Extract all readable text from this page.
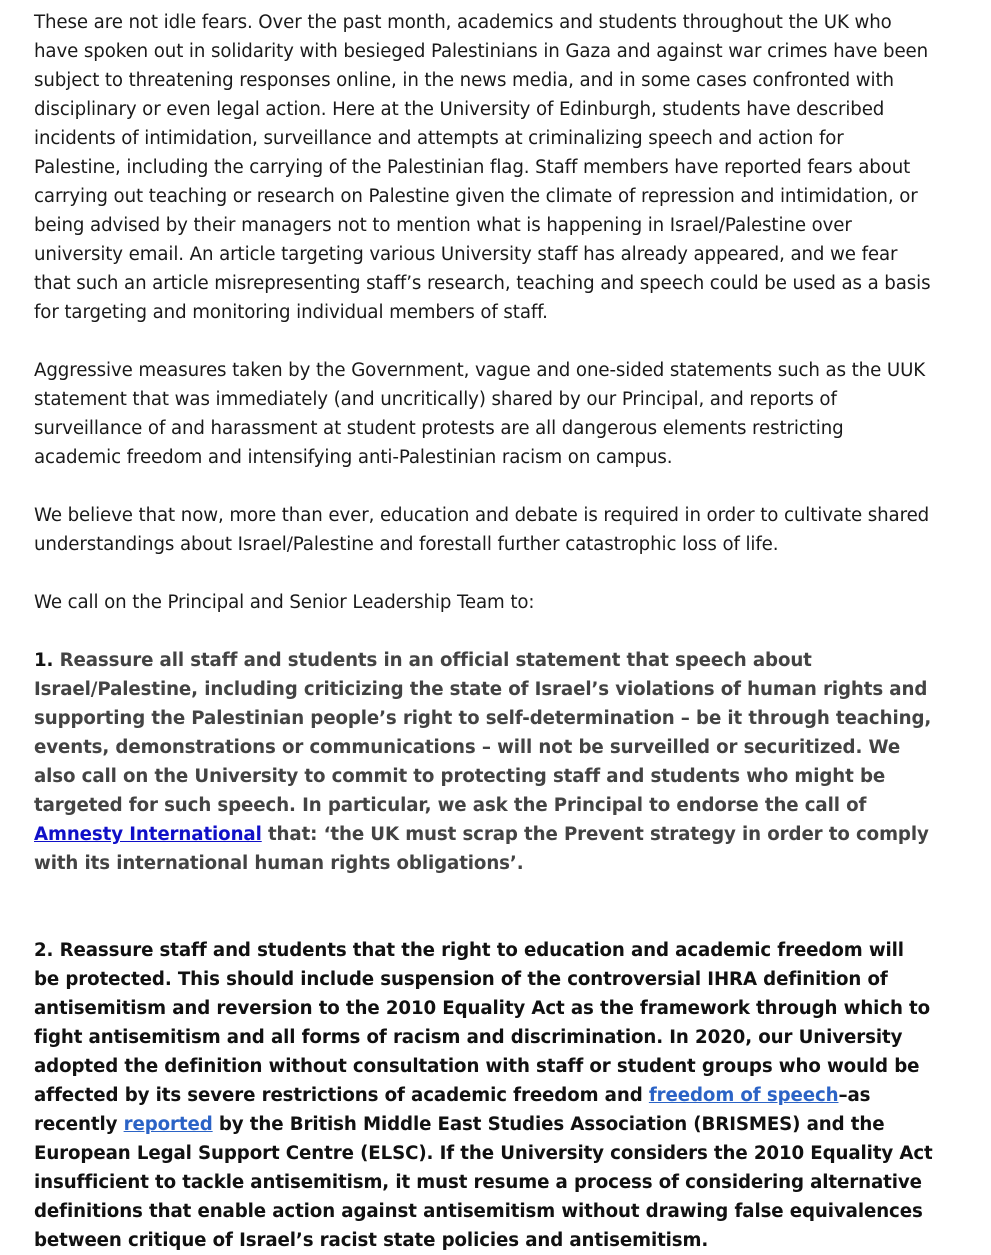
These are not idle fears. Over the past month, academics and students throughout the UK who have spoken out in solidarity with besieged Palestinians in Gaza and against war crimes have been subject to threatening responses online, in the news media, and in some cases confronted with disciplinary or even legal action. Here at the University of Edinburgh, students have described incidents of intimidation, surveillance and attempts at criminalizing speech and action for Palestine, including the carrying of the Palestinian flag. Staff members have reported fears about carrying out teaching or research on Palestine given the climate of repression and intimidation, or being advised by their managers not to mention what is happening in Israel/Palestine over university email. An article targeting various University staff has already appeared, and we fear that such an article misrepresenting staff’s research, teaching and speech could be used as a basis for targeting and monitoring individual members of staff.

Aggressive measures taken by the Government, vague and one-sided statements such as the UUK statement that was immediately (and uncritically) shared by our Principal, and reports of surveillance of and harassment at student protests are all dangerous elements restricting academic freedom and intensifying anti-Palestinian racism on campus.

We believe that now, more than ever, education and debate is required in order to cultivate shared understandings about Israel/Palestine and forestall further catastrophic loss of life.

We call on the Principal and Senior Leadership Team to:

1. Reassure all staff and students in an official statement that speech about Israel/Palestine, including criticizing the state of Israel’s violations of human rights and supporting the Palestinian people’s right to self-determination – be it through teaching, events, demonstrations or communications – will not be surveilled or securitized. We also call on the University to commit to protecting staff and students who might be targeted for such speech. In particular, we ask the Principal to endorse the call of Amnesty International that: ‘the UK must scrap the Prevent strategy in order to comply with its international human rights obligations’.

2. Reassure staff and students that the right to education and academic freedom will be protected. This should include suspension of the controversial IHRA definition of antisemitism and reversion to the 2010 Equality Act as the framework through which to fight antisemitism and all forms of racism and discrimination. In 2020, our University adopted the definition without consultation with staff or student groups who would be affected by its severe restrictions of academic freedom and freedom of speech–as recently reported by the British Middle East Studies Association (BRISMES) and the European Legal Support Centre (ELSC). If the University considers the 2010 Equality Act insufficient to tackle antisemitism, it must resume a process of considering alternative definitions that enable action against antisemitism without drawing false equivalences between critique of Israel’s racist state policies and antisemitism.
